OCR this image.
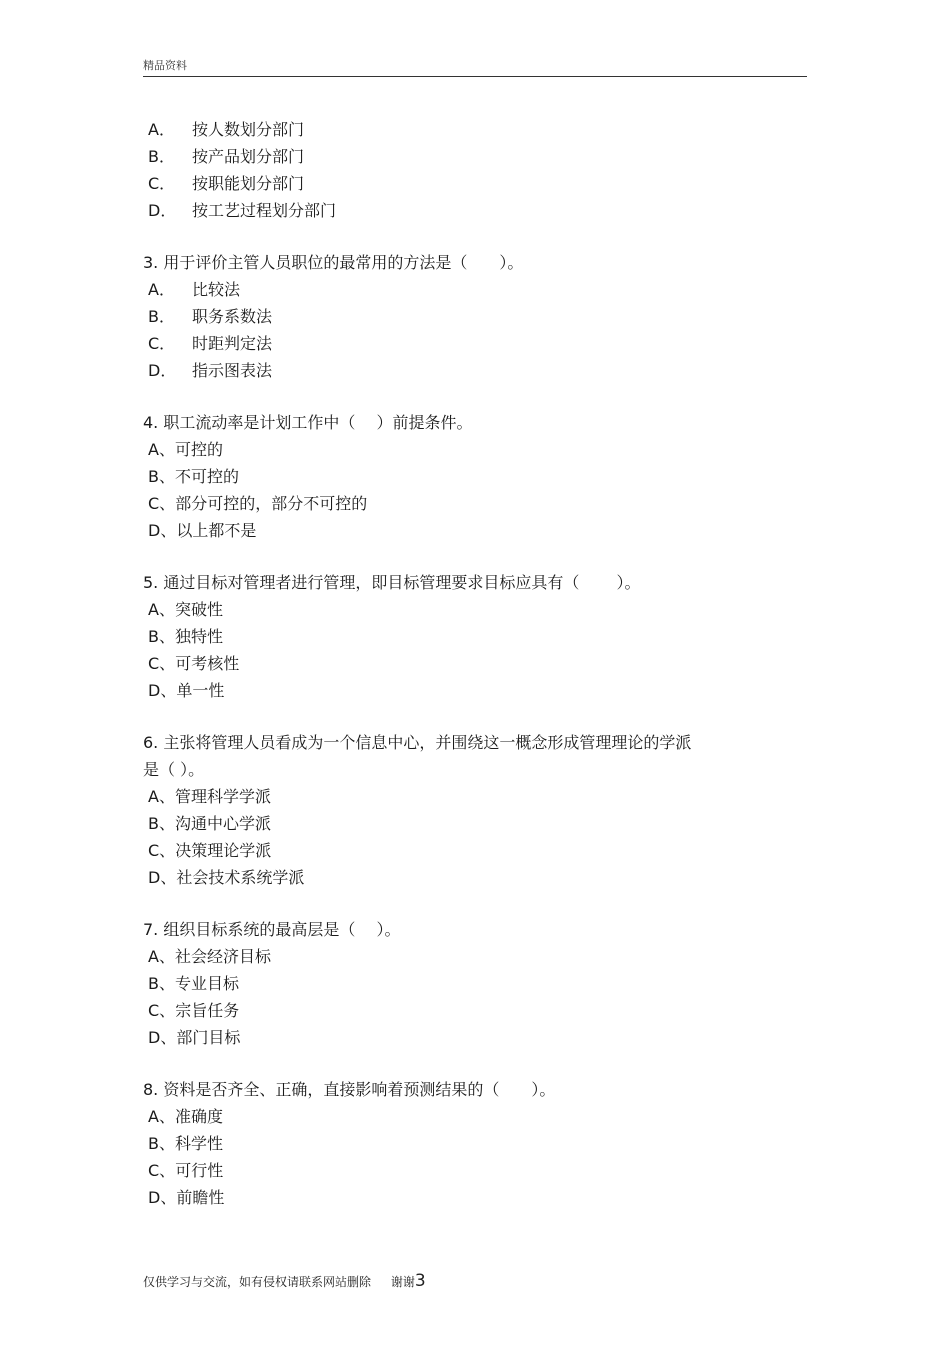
精品资料

A． 按人数划分部门

B． 按产品划分部门

C． 按职能划分部门

D． 按工艺过程划分部门

3. 用于评价主管人员职位的最常用的方法是（　　）。

A． 比较法

B． 职务系数法

C． 时距判定法

D． 指示图表法

4. 职工流动率是计划工作中（　 ）前提条件。

A、可控的

B、不可控的

C、部分可控的，部分不可控的

D、以上都不是

5. 通过目标对管理者进行管理，即目标管理要求目标应具有（　　 ）。

A、突破性

B、独特性

C、可考核性

D、单一性

6. 主张将管理人员看成为一个信息中心，并围绕这一概念形成管理理论的学派

是（ ）。

A、管理科学学派

B、沟通中心学派

C、决策理论学派

D、社会技术系统学派

7. 组织目标系统的最高层是（　 ）。

A、社会经济目标

B、专业目标

C、宗旨任务

D、部门目标

8. 资料是否齐全、正确，直接影响着预测结果的（　　）。

A、准确度

B、科学性

C、可行性

D、前瞻性

仅供学习与交流，如有侵权请联系网站删除 谢谢3
